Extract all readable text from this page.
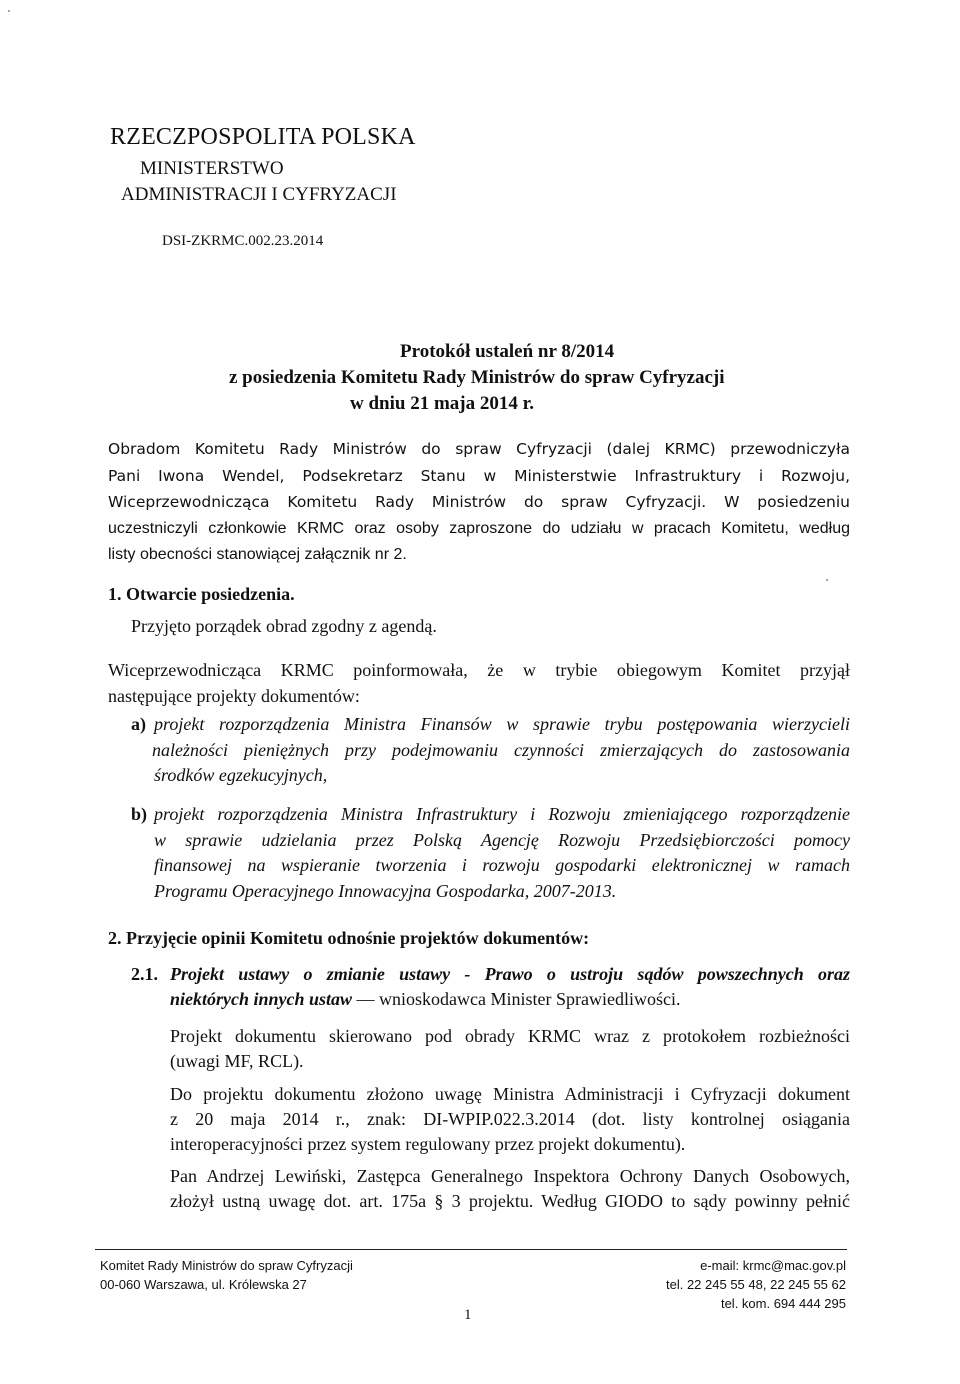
RZECZPOSPOLITA POLSKA
MINISTERSTWO
ADMINISTRACJI I CYFRYZACJI
DSI-ZKRMC.002.23.2014
Protokół ustaleń nr 8/2014
z posiedzenia Komitetu Rady Ministrów do spraw Cyfryzacji
w dniu 21 maja 2014 r.
Obradom Komitetu Rady Ministrów do spraw Cyfryzacji (dalej KRMC) przewodniczyła
Pani Iwona Wendel, Podsekretarz Stanu w Ministerstwie Infrastruktury i Rozwoju,
Wiceprzewodnicząca Komitetu Rady Ministrów do spraw Cyfryzacji. W posiedzeniu
uczestniczyli członkowie KRMC oraz osoby zaproszone do udziału w pracach Komitetu, według
listy obecności stanowiącej załącznik nr 2.
1. Otwarcie posiedzenia.
Przyjęto porządek obrad zgodny z agendą.
Wiceprzewodnicząca KRMC poinformowała, że w trybie obiegowym Komitet przyjął
następujące projekty dokumentów:
a) projekt rozporządzenia Ministra Finansów w sprawie trybu postępowania wierzycieli
należności pieniężnych przy podejmowaniu czynności zmierzających do zastosowania
środków egzekucyjnych,
b) projekt rozporządzenia Ministra Infrastruktury i Rozwoju zmieniającego rozporządzenie
w sprawie udzielania przez Polską Agencję Rozwoju Przedsiębiorczości pomocy
finansowej na wspieranie tworzenia i rozwoju gospodarki elektronicznej w ramach
Programu Operacyjnego Innowacyjna Gospodarka, 2007-2013.
2. Przyjęcie opinii Komitetu odnośnie projektów dokumentów:
2.1. Projekt ustawy o zmianie ustawy - Prawo o ustroju sądów powszechnych oraz
niektórych innych ustaw — wnioskodawca Minister Sprawiedliwości.
Projekt dokumentu skierowano pod obrady KRMC wraz z protokołem rozbieżności
(uwagi MF, RCL).
Do projektu dokumentu złożono uwagę Ministra Administracji i Cyfryzacji dokument
z 20 maja 2014 r., znak: DI-WPIP.022.3.2014 (dot. listy kontrolnej osiągania
interoperacyjności przez system regulowany przez projekt dokumentu).
Pan Andrzej Lewiński, Zastępca Generalnego Inspektora Ochrony Danych Osobowych,
złożył ustną uwagę dot. art. 175a § 3 projektu. Według GIODO to sądy powinny pełnić
Komitet Rady Ministrów do spraw Cyfryzacji
00-060 Warszawa, ul. Królewska 27
e-mail: krmc@mac.gov.pl
tel. 22 245 55 48, 22 245 55 62
tel. kom. 694 444 295
1
